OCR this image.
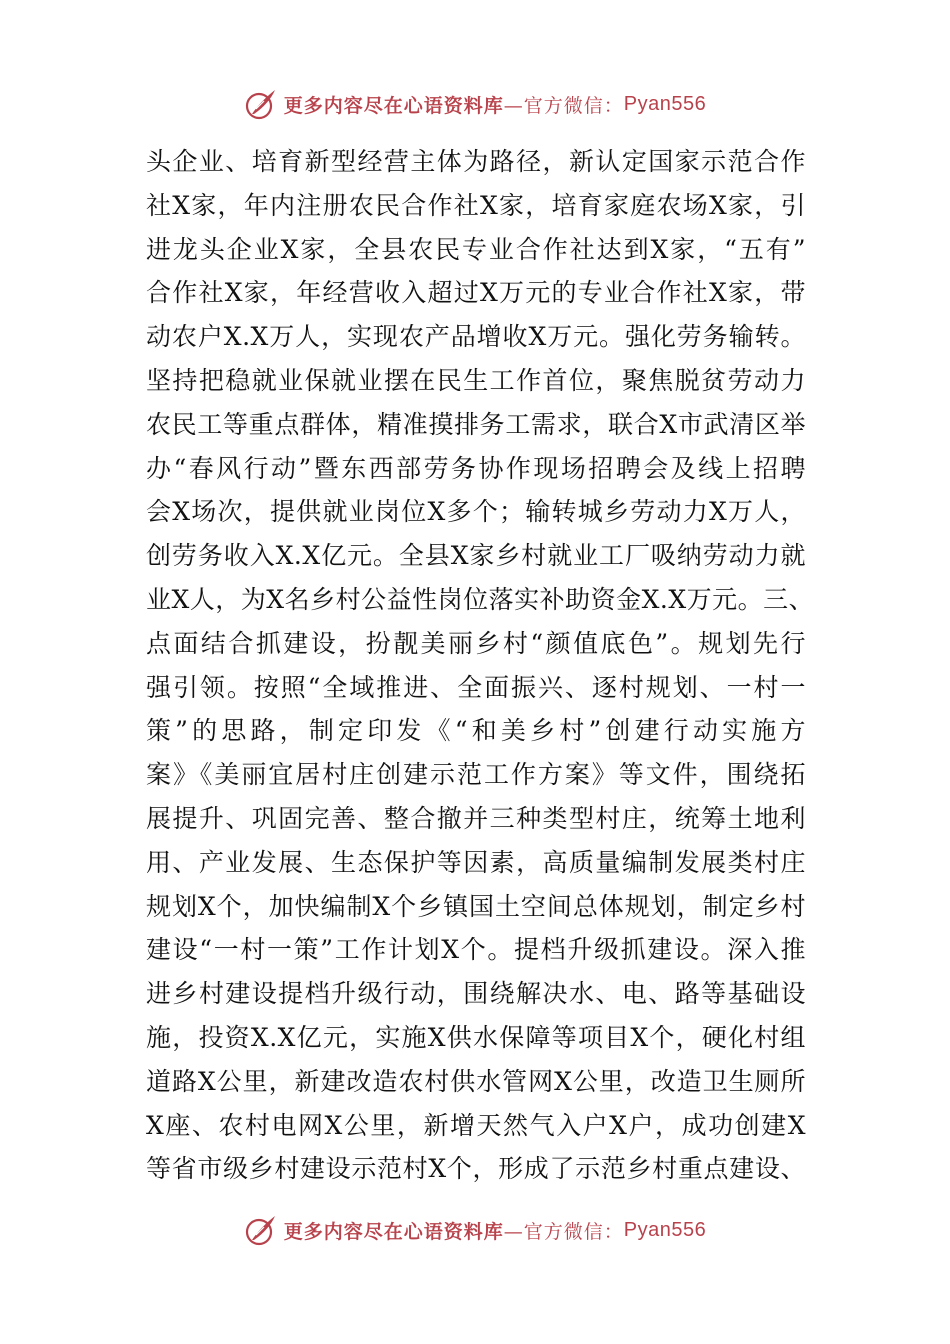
更多内容尽在心语资料库 —官方微信： Pyan556
头企业、培育新型经营主体为路径，新认定国家示范合作
社X家，年内注册农民合作社X家，培育家庭农场X家，引
进龙头企业X家，全县农民专业合作社达到X家，“五有”
合作社X家，年经营收入超过X万元的专业合作社X家，带
动农户X.X万人，实现农产品增收X万元。强化劳务输转。
坚持把稳就业保就业摆在民生工作首位，聚焦脱贫劳动力
农民工等重点群体，精准摸排务工需求，联合X市武清区举
办“春风行动”暨东西部劳务协作现场招聘会及线上招聘
会X场次，提供就业岗位X多个；输转城乡劳动力X万人，
创劳务收入X.X亿元。全县X家乡村就业工厂吸纳劳动力就
业X人，为X名乡村公益性岗位落实补助资金X.X万元。三、
点面结合抓建设，扮靓美丽乡村“颜值底色”。规划先行
强引领。按照“全域推进、全面振兴、逐村规划、一村一
策”的思路，制定印发《“和美乡村”创建行动实施方
案》《美丽宜居村庄创建示范工作方案》等文件，围绕拓
展提升、巩固完善、整合撤并三种类型村庄，统筹土地利
用、产业发展、生态保护等因素，高质量编制发展类村庄
规划X个，加快编制X个乡镇国土空间总体规划，制定乡村
建设“一村一策”工作计划X个。提档升级抓建设。深入推
进乡村建设提档升级行动，围绕解决水、电、路等基础设
施，投资X.X亿元，实施X供水保障等项目X个，硬化村组
道路X公里，新建改造农村供水管网X公里，改造卫生厕所
X座、农村电网X公里，新增天然气入户X户，成功创建X
等省市级乡村建设示范村X个，形成了示范乡村重点建设、
更多内容尽在心语资料库 —官方微信： Pyan556
